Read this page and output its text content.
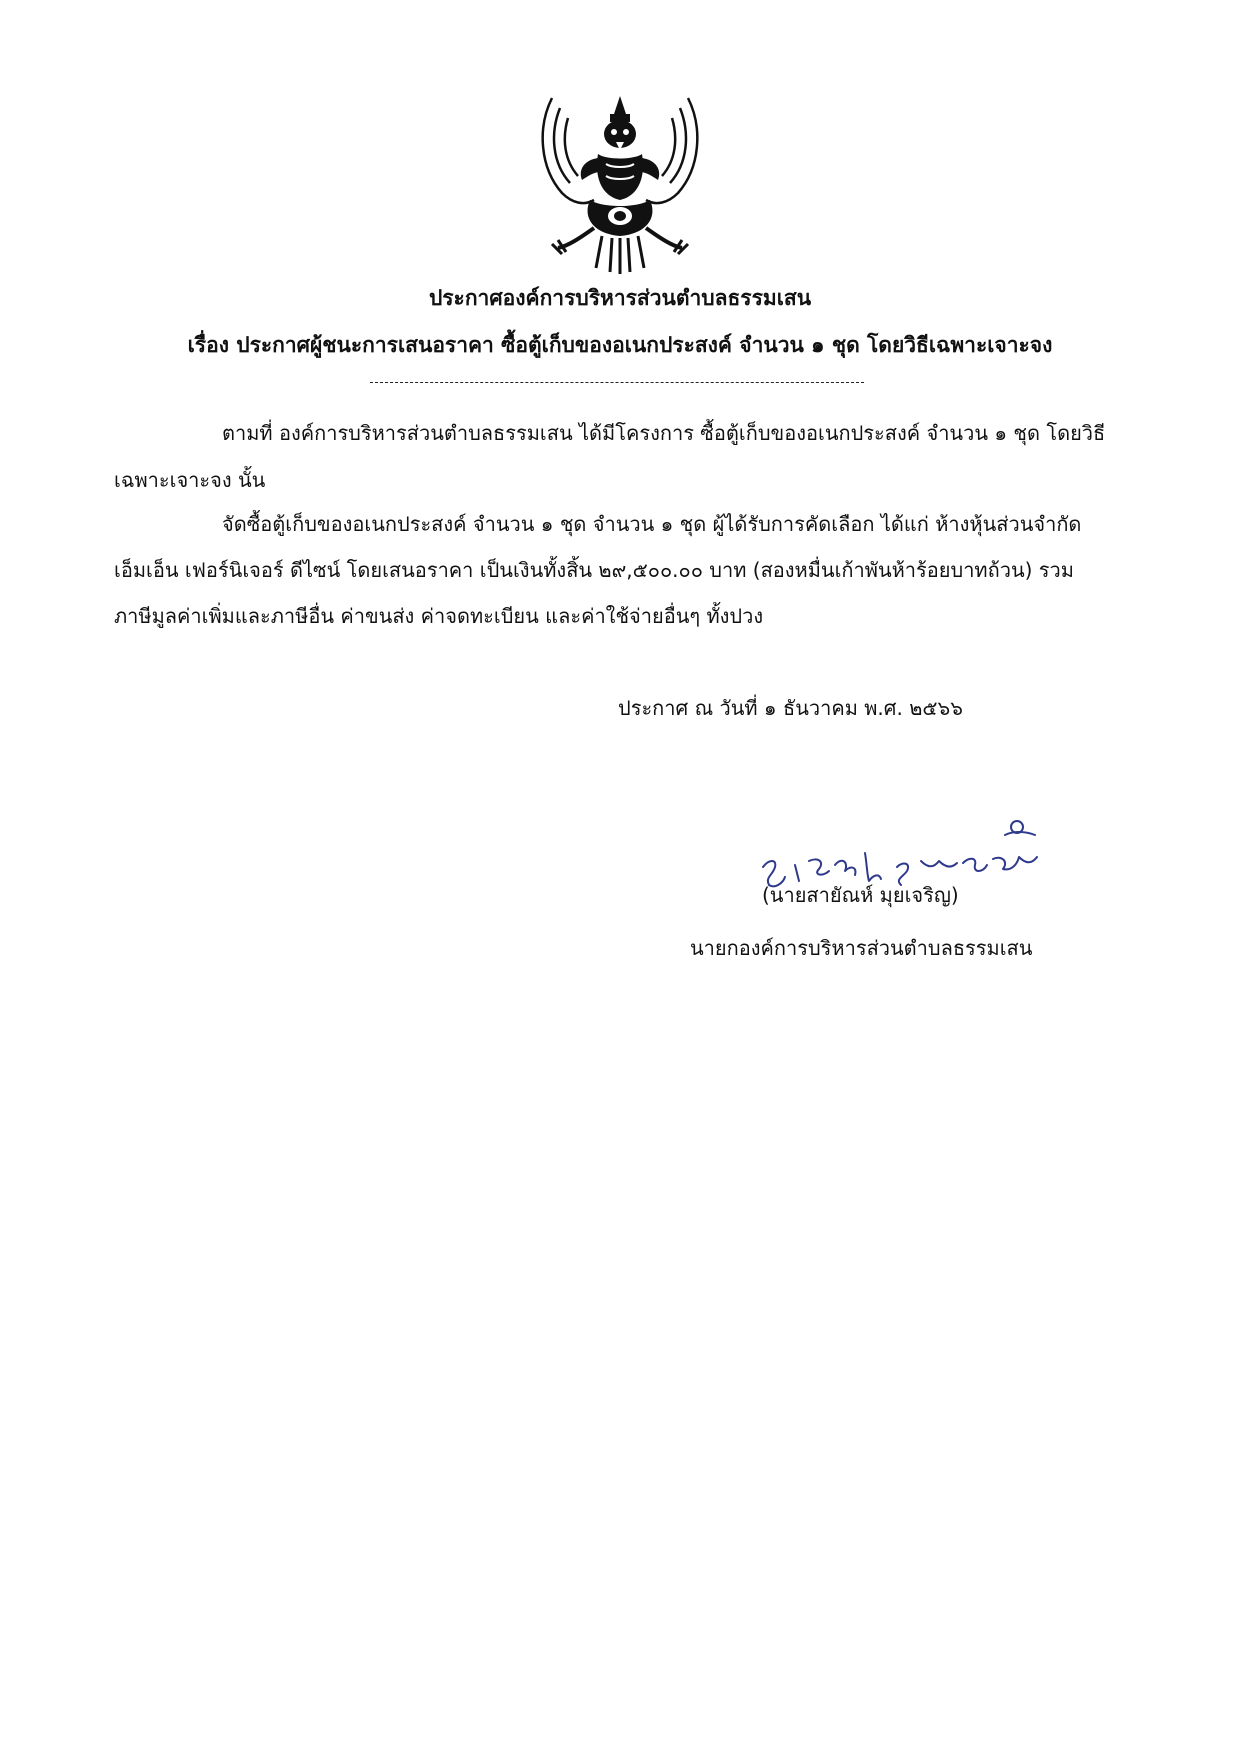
ประกาศองค์การบริหารส่วนตำบลธรรมเสน
เรื่อง ประกาศผู้ชนะการเสนอราคา ซื้อตู้เก็บของอเนกประสงค์ จำนวน ๑ ชุด โดยวิธีเฉพาะเจาะจง
ตามที่ องค์การบริหารส่วนตำบลธรรมเสน ได้มีโครงการ ซื้อตู้เก็บของอเนกประสงค์ จำนวน ๑ ชุด โดยวิธี
เฉพาะเจาะจง นั้น
จัดซื้อตู้เก็บของอเนกประสงค์ จำนวน ๑ ชุด จำนวน ๑ ชุด ผู้ได้รับการคัดเลือก ได้แก่ ห้างหุ้นส่วนจำกัด
เอ็มเอ็น เฟอร์นิเจอร์ ดีไซน์ โดยเสนอราคา เป็นเงินทั้งสิ้น ๒๙,๕๐๐.๐๐ บาท (สองหมื่นเก้าพันห้าร้อยบาทถ้วน) รวม
ภาษีมูลค่าเพิ่มและภาษีอื่น ค่าขนส่ง ค่าจดทะเบียน และค่าใช้จ่ายอื่นๆ ทั้งปวง
ประกาศ ณ วันที่ ๑ ธันวาคม พ.ศ. ๒๕๖๖
(นายสายัณห์ มุยเจริญ)
นายกองค์การบริหารส่วนตำบลธรรมเสน
